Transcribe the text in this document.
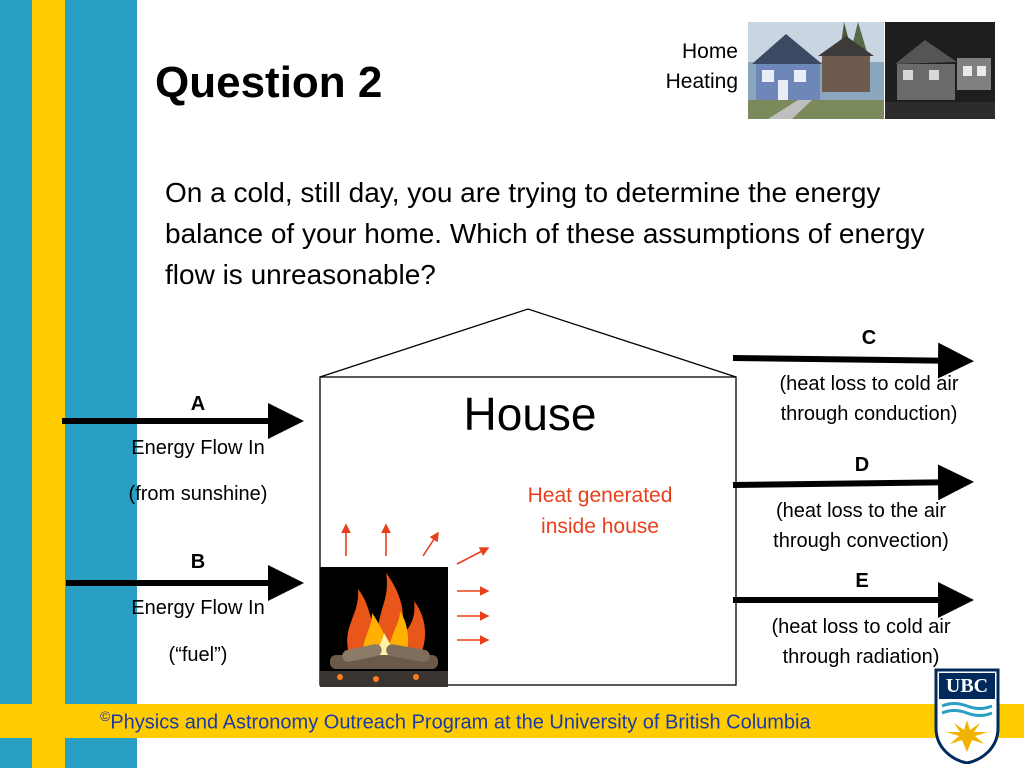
Question 2
Home Heating
On a cold, still day, you are trying to determine the energy balance of your home. Which of these assumptions of energy flow is unreasonable?
House
Heat generated inside house
A
Energy Flow In
(from sunshine)
B
Energy Flow In
(“fuel”)
C
(heat loss to cold air
through conduction)
D
(heat loss to the air
through convection)
E
(heat loss to cold air
through radiation)
©Physics and Astronomy Outreach Program at the University of British Columbia
UBC
